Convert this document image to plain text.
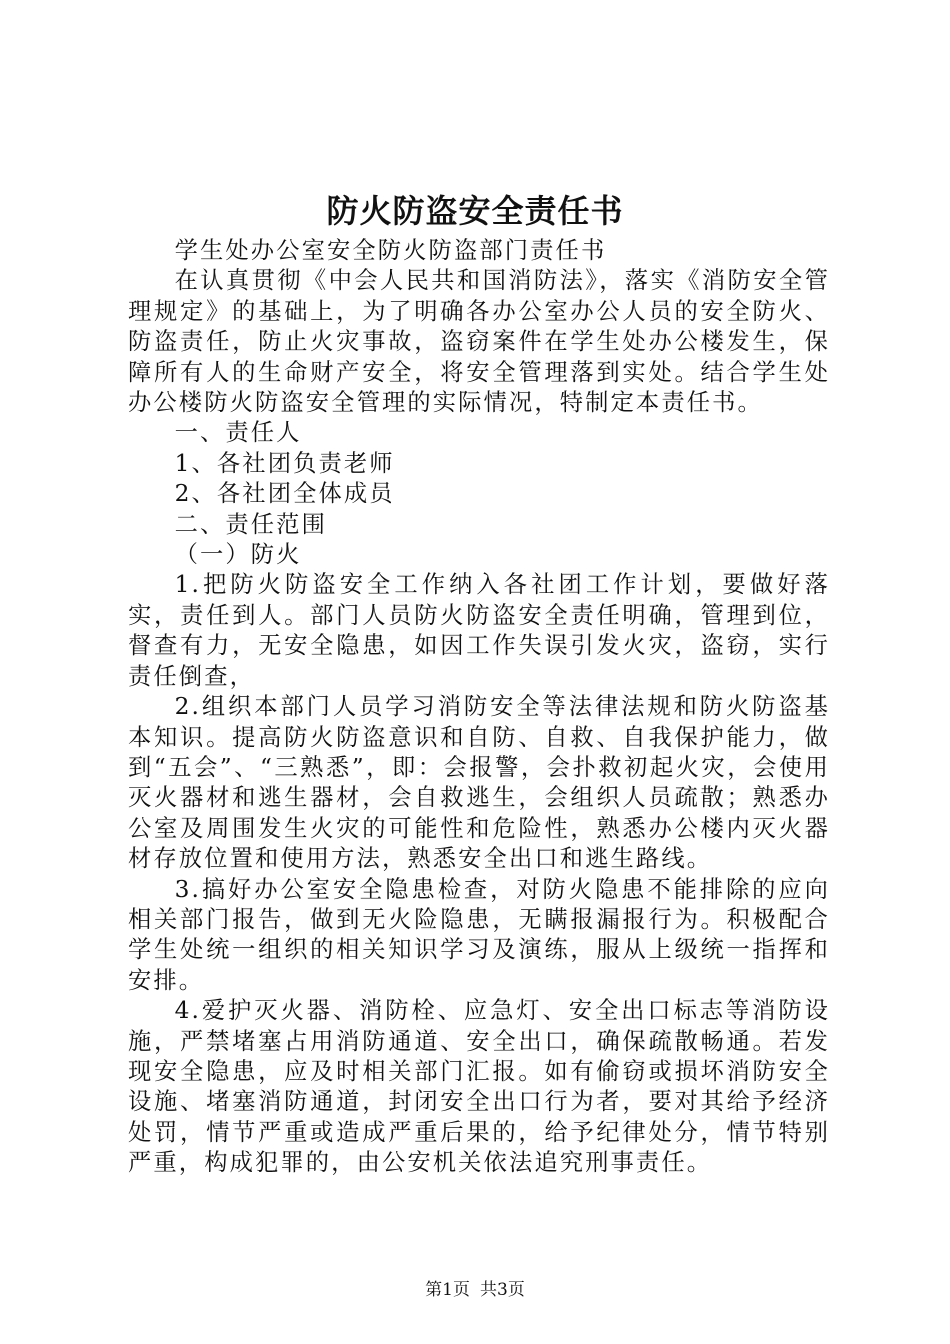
防火防盗安全责任书

学生处办公室安全防火防盗部门责任书

在认真贯彻《中会人民共和国消防法》，落实《消防安全管理规定》的基础上，为了明确各办公室办公人员的安全防火、防盗责任，防止火灾事故，盗窃案件在学生处办公楼发生，保障所有人的生命财产安全，将安全管理落到实处。结合学生处办公楼防火防盗安全管理的实际情况，特制定本责任书。

一、责任人

1、各社团负责老师

2、各社团全体成员

二、责任范围

（一）防火

1.把防火防盗安全工作纳入各社团工作计划，要做好落实，责任到人。部门人员防火防盗安全责任明确，管理到位，督查有力，无安全隐患，如因工作失误引发火灾，盗窃，实行责任倒查，

2.组织本部门人员学习消防安全等法律法规和防火防盗基本知识。提高防火防盗意识和自防、自救、自我保护能力，做到“五会”、“三熟悉”，即：会报警，会扑救初起火灾，会使用灭火器材和逃生器材，会自救逃生，会组织人员疏散；熟悉办公室及周围发生火灾的可能性和危险性，熟悉办公楼内灭火器材存放位置和使用方法，熟悉安全出口和逃生路线。

3.搞好办公室安全隐患检查，对防火隐患不能排除的应向相关部门报告，做到无火险隐患，无瞒报漏报行为。积极配合学生处统一组织的相关知识学习及演练，服从上级统一指挥和安排。

4.爱护灭火器、消防栓、应急灯、安全出口标志等消防设施，严禁堵塞占用消防通道、安全出口，确保疏散畅通。若发现安全隐患，应及时相关部门汇报。如有偷窃或损坏消防安全设施、堵塞消防通道，封闭安全出口行为者，要对其给予经济处罚，情节严重或造成严重后果的，给予纪律处分，情节特别严重，构成犯罪的，由公安机关依法追究刑事责任。

第1页 共3页
